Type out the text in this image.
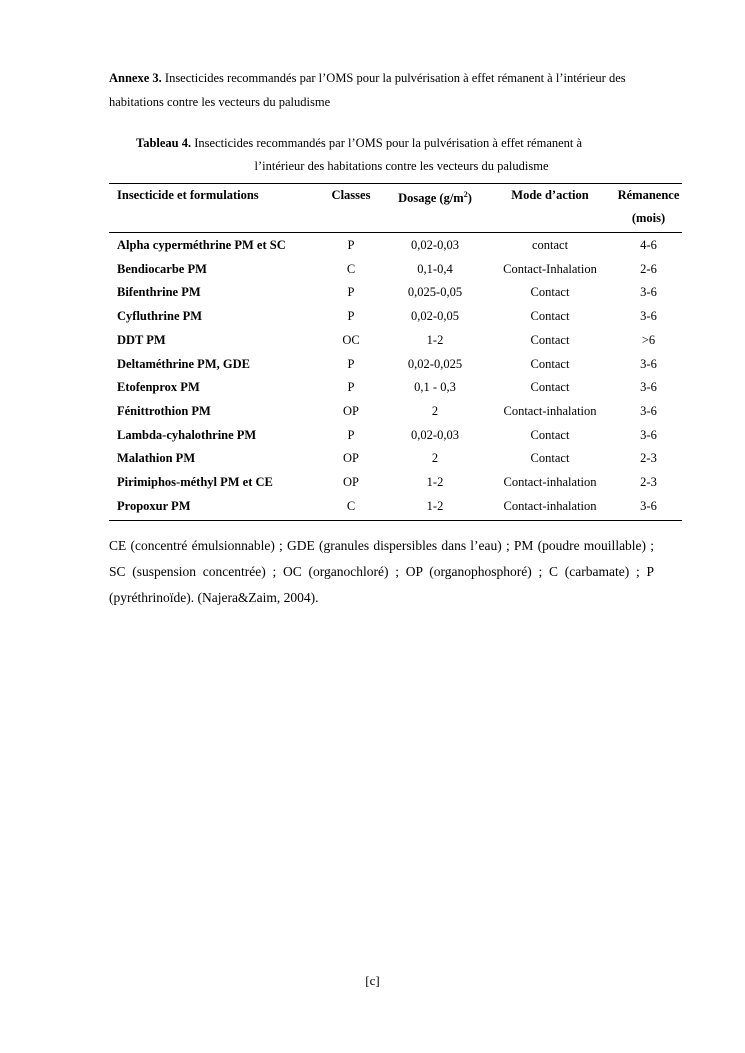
Annexe 3. Insecticides recommandés par l’OMS pour la pulvérisation à effet rémanent à l’intérieur des habitations contre les vecteurs du paludisme
Tableau 4. Insecticides recommandés par l’OMS pour la pulvérisation à effet rémanent à
l’intérieur des habitations contre les vecteurs du paludisme
Insecticide et formulations	Classes	Dosage $(g/m^2)$	Mode d’action	Rémanence
(mois)

Alpha cyperméthrine PM et SC	P	0,02-0,03	contact	4-6
Bendiocarbe PM	C	0,1-0,4	Contact-Inhalation	2-6
Bifenthrine PM	P	0,025-0,05	Contact	3-6
Cyfluthrine PM	P	0,02-0,05	Contact	3-6
DDT PM	OC	1-2	Contact	>6
Deltaméthrine PM, GDE	P	0,02-0,025	Contact	3-6
Etofenprox PM	P	0,1 - 0,3	Contact	3-6
Fénittrothion PM	OP	2	Contact-inhalation	3-6
Lambda-cyhalothrine PM	P	0,02-0,03	Contact	3-6
Malathion PM	OP	2	Contact	2-3
Pirimiphos-méthyl PM et CE	OP	1-2	Contact-inhalation	2-3
Propoxur PM	C	1-2	Contact-inhalation	3-6
CE (concentré émulsionnable) ; GDE (granules dispersibles dans l’eau) ; PM (poudre mouillable) ; SC (suspension concentrée) ; OC (organochloré) ; OP (organophosphoré) ; C (carbamate) ; P (pyréthrinoïde). (Najera&Zaim, 2004).
[c]
